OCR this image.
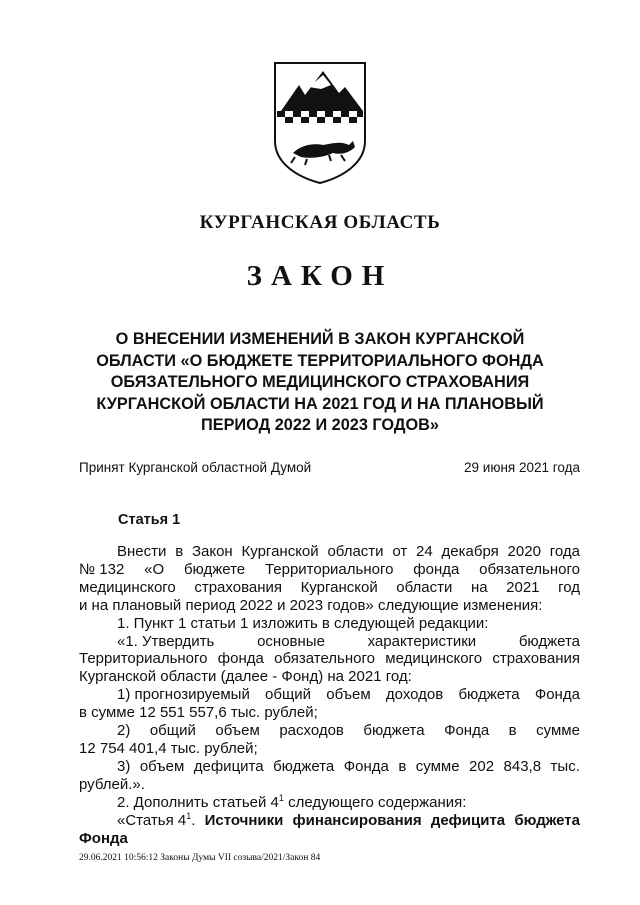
КУРГАНСКАЯ ОБЛАСТЬ
ЗАКОН
О ВНЕСЕНИИ ИЗМЕНЕНИЙ В ЗАКОН КУРГАНСКОЙ
ОБЛАСТИ «О БЮДЖЕТЕ ТЕРРИТОРИАЛЬНОГО ФОНДА
ОБЯЗАТЕЛЬНОГО МЕДИЦИНСКОГО СТРАХОВАНИЯ
КУРГАНСКОЙ ОБЛАСТИ НА 2021 ГОД И НА ПЛАНОВЫЙ
ПЕРИОД 2022 И 2023 ГОДОВ»
Принят Курганской областной Думой	29 июня 2021 года
Статья 1
Внести в Закон Курганской области от 24 декабря 2020 года
№ 132 «О бюджете Территориального фонда обязательного
медицинского страхования Курганской области на 2021 год
и на плановый период 2022 и 2023 годов» следующие изменения:
1. Пункт 1 статьи 1 изложить в следующей редакции:
«1. Утвердить	основные	характеристики	бюджета
Территориального фонда обязательного медицинского страхования
Курганской области (далее - Фонд) на 2021 год:
1) прогнозируемый общий объем доходов бюджета Фонда
в сумме 12 551 557,6 тыс. рублей;
2) общий объем расходов бюджета Фонда в сумме
12 754 401,4 тыс. рублей;
3) объем дефицита бюджета Фонда в сумме 202 843,8 тыс.
рублей.».
2. Дополнить статьей $4^1$ следующего содержания:
«Статья $4^1$. Источники финансирования дефицита бюджета
Фонда
29.06.2021 10:56:12 Законы Думы VII созыва/2021/Закон 84
